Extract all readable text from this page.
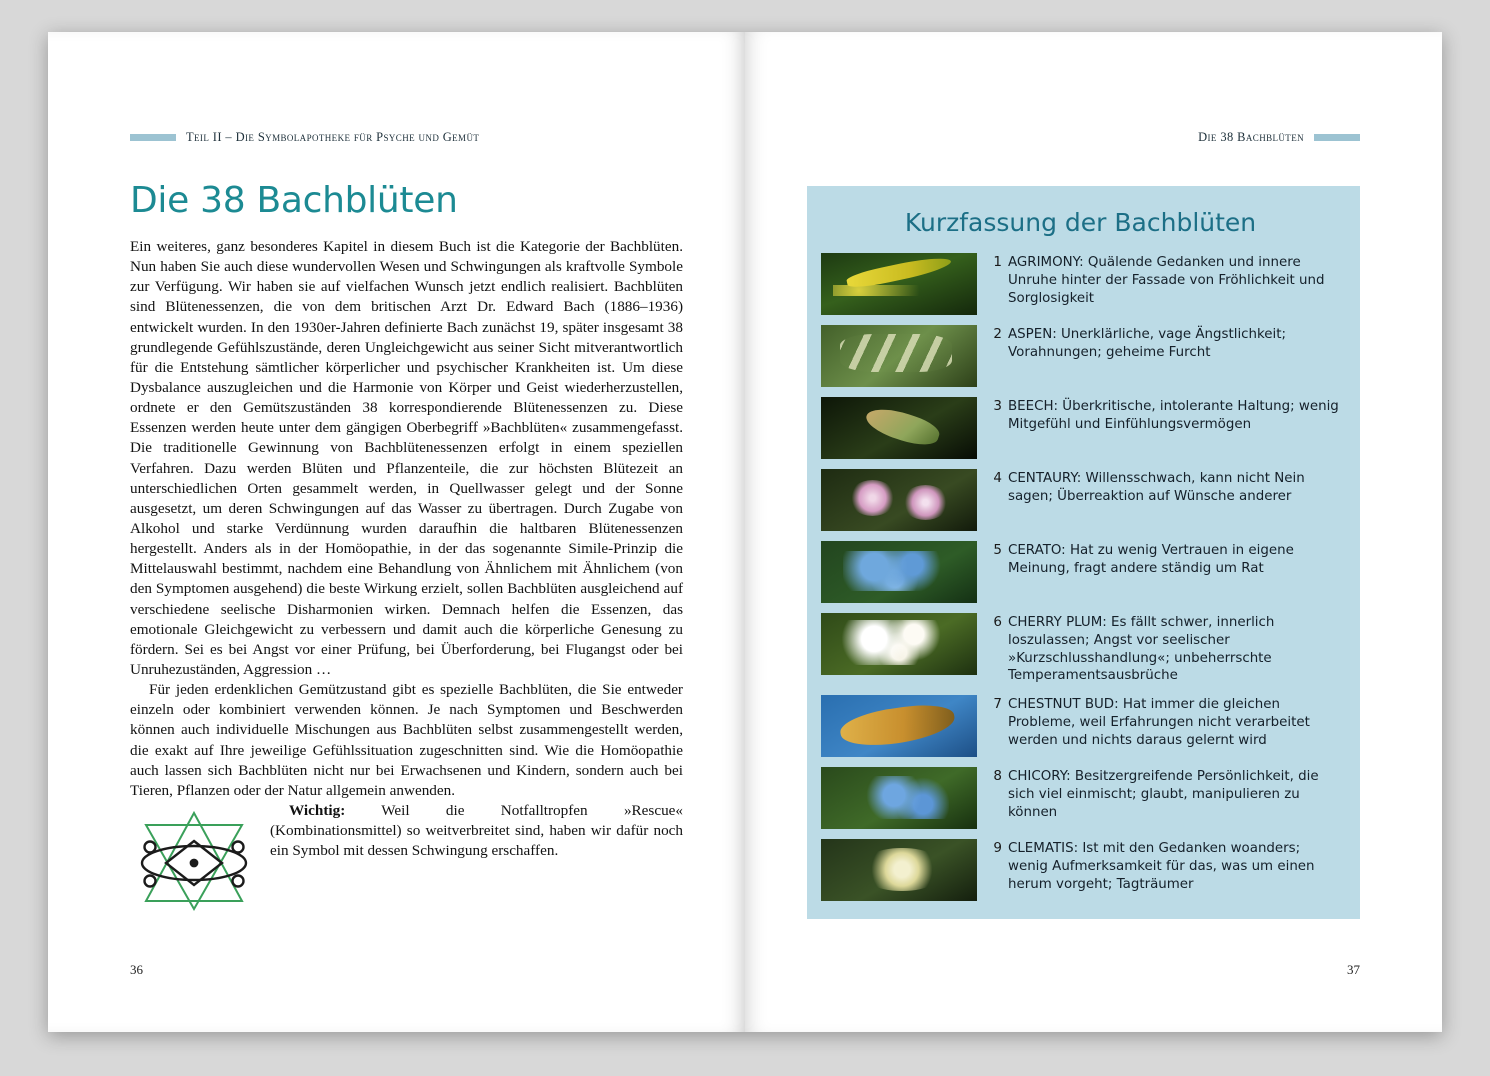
Teil II – Die Symbolapotheke für Psyche und Gemüt
Die 38 Bachblüten

Ein weiteres, ganz besonderes Kapitel in diesem Buch ist die Kategorie der Bachblüten. Nun haben Sie auch diese wundervollen Wesen und Schwingungen als kraftvolle Symbole zur Verfügung. Wir haben sie auf vielfachen Wunsch jetzt endlich realisiert. Bachblüten sind Blütenessenzen, die von dem britischen Arzt Dr. Edward Bach (1886–1936) entwickelt wurden. In den 1930er-Jahren definierte Bach zunächst 19, später insgesamt 38 grundlegende Gefühlszustände, deren Ungleichgewicht aus seiner Sicht mitverantwortlich für die Entstehung sämtlicher körperlicher und psychischer Krankheiten ist. Um diese Dysbalance auszugleichen und die Harmonie von Körper und Geist wiederherzustellen, ordnete er den Gemütszuständen 38 korrespondierende Blütenessenzen zu. Diese Essenzen werden heute unter dem gängigen Oberbegriff »Bachblüten« zusammengefasst. Die traditionelle Gewinnung von Bachblütenessenzen erfolgt in einem speziellen Verfahren. Dazu werden Blüten und Pflanzenteile, die zur höchsten Blütezeit an unterschiedlichen Orten gesammelt werden, in Quellwasser gelegt und der Sonne ausgesetzt, um deren Schwingungen auf das Wasser zu übertragen. Durch Zugabe von Alkohol und starke Verdünnung wurden daraufhin die haltbaren Blütenessenzen hergestellt. Anders als in der Homöopathie, in der das sogenannte Simile-Prinzip die Mittelauswahl bestimmt, nachdem eine Behandlung von Ähnlichem mit Ähnlichem (von den Symptomen ausgehend) die beste Wirkung erzielt, sollen Bachblüten ausgleichend auf verschiedene seelische Disharmonien wirken. Demnach helfen die Essenzen, das emotionale Gleichgewicht zu verbessern und damit auch die körperliche Genesung zu fördern. Sei es bei Angst vor einer Prüfung, bei Überforderung, bei Flugangst oder bei Unruhezuständen, Aggression …

Für jeden erdenklichen Gemützustand gibt es spezielle Bachblüten, die Sie entweder einzeln oder kombiniert verwenden können. Je nach Symptomen und Beschwerden können auch individuelle Mischungen aus Bachblüten selbst zusammengestellt werden, die exakt auf Ihre jeweilige Gefühlssituation zugeschnitten sind. Wie die Homöopathie auch lassen sich Bachblüten nicht nur bei Erwachsenen und Kindern, sondern auch bei Tieren, Pflanzen oder der Natur allgemein anwenden.

Wichtig: Weil die Notfalltropfen »Rescue« (Kombinationsmittel) so weitverbreitet sind, haben wir dafür noch ein Symbol mit dessen Schwingung erschaffen.

36
Die 38 Bachblüten
Kurzfassung der Bachblüten
1 AGRIMONY: Quälende Gedanken und innere Unruhe hinter der Fassade von Fröhlichkeit und Sorglosigkeit
2 ASPEN: Unerklärliche, vage Ängstlichkeit; Vorahnungen; geheime Furcht
3 BEECH: Überkritische, intolerante Haltung; wenig Mitgefühl und Einfühlungsvermögen
4 CENTAURY: Willensschwach, kann nicht Nein sagen; Überreaktion auf Wünsche anderer
5 CERATO: Hat zu wenig Vertrauen in eigene Meinung, fragt andere ständig um Rat
6 CHERRY PLUM: Es fällt schwer, innerlich loszulassen; Angst vor seelischer »Kurzschlusshandlung«; unbeherrschte Temperamentsausbrüche
7 CHESTNUT BUD: Hat immer die gleichen Probleme, weil Erfahrungen nicht verarbeitet werden und nichts daraus gelernt wird
8 CHICORY: Besitzergreifende Persönlichkeit, die sich viel einmischt; glaubt, manipulieren zu können
9 CLEMATIS: Ist mit den Gedanken woanders; wenig Aufmerksamkeit für das, was um einen herum vorgeht; Tagträumer
37
